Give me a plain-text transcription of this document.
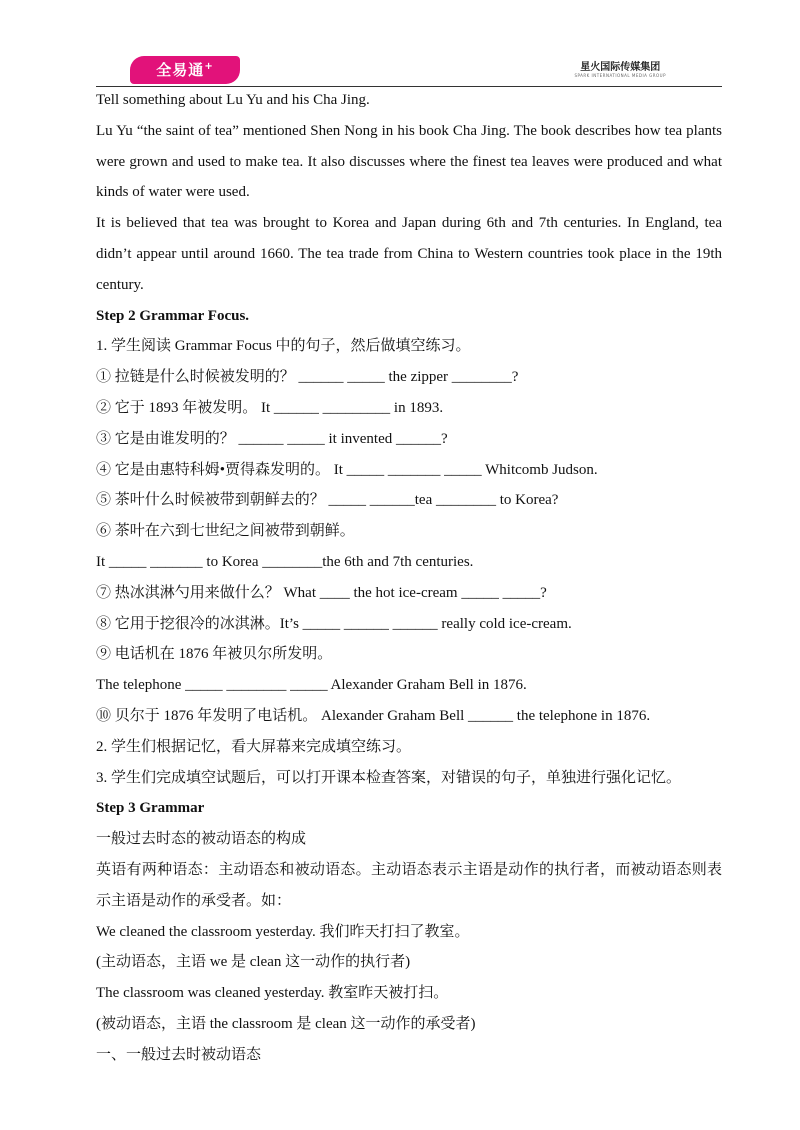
全易通+	星火国际传媒集团
SPARK INTERNATIONAL MEDIA GROUP
Tell something about Lu Yu and his Cha Jing.
Lu Yu “the saint of tea” mentioned Shen Nong in his book Cha Jing. The book describes how tea plants were grown and used to make tea. It also discusses where the finest tea leaves were produced and what kinds of water were used.
It is believed that tea was brought to Korea and Japan during 6th and 7th centuries. In England, tea didn’t appear until around 1660. The tea trade from China to Western countries took place in the 19th century.
Step 2 Grammar Focus.
1. 学生阅读 Grammar Focus 中的句子，然后做填空练习。
① 拉链是什么时候被发明的？ ______ _____ the zipper ________?
② 它于 1893 年被发明。 It ______ _________ in 1893.
③ 它是由谁发明的？ ______ _____ it invented ______?
④ 它是由惠特科姆•贾得森发明的。 It _____ _______ _____ Whitcomb Judson.
⑤ 茶叶什么时候被带到朝鲜去的？ _____ ______tea ________ to Korea?
⑥ 茶叶在六到七世纪之间被带到朝鲜。
It _____ _______ to Korea ________the 6th and 7th centuries.
⑦ 热冰淇淋勺用来做什么？ What ____ the hot ice-cream _____ _____?
⑧ 它用于挖很冷的冰淇淋。It’s _____ ______ ______ really cold ice-cream.
⑨ 电话机在 1876 年被贝尔所发明。
The telephone _____ ________ _____ Alexander Graham Bell in 1876.
⑩ 贝尔于 1876 年发明了电话机。 Alexander Graham Bell ______ the telephone in 1876.
2. 学生们根据记忆，看大屏幕来完成填空练习。
3. 学生们完成填空试题后，可以打开课本检查答案，对错误的句子，单独进行强化记忆。
Step 3 Grammar
一般过去时态的被动语态的构成
英语有两种语态：主动语态和被动语态。主动语态表示主语是动作的执行者，而被动语态则表示主语是动作的承受者。如：
We cleaned the classroom yesterday. 我们昨天打扫了教室。
(主动语态，主语 we 是 clean 这一动作的执行者)
The classroom was cleaned yesterday. 教室昨天被打扫。
(被动语态，主语 the classroom 是 clean 这一动作的承受者)
一、一般过去时被动语态
